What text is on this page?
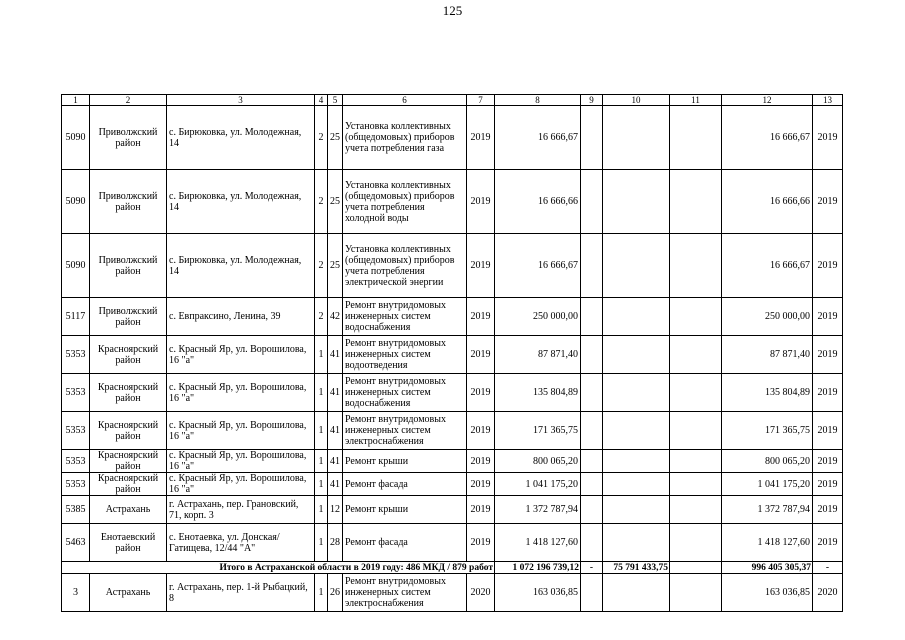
125
1	2	3	4	5	6	7	8	9	10	11	12	13
5090	Приволжский район	с. Бирюковка, ул. Молодежная, 14	2	25	Установка коллективных (общедомовых) приборов учета потребления газа	2019	16 666,67				16 666,67	2019
5090	Приволжский район	с. Бирюковка, ул. Молодежная, 14	2	25	Установка коллективных (общедомовых) приборов учета потребления холодной воды	2019	16 666,66				16 666,66	2019
5090	Приволжский район	с. Бирюковка, ул. Молодежная, 14	2	25	Установка коллективных (общедомовых) приборов учета потребления электрической энергии	2019	16 666,67				16 666,67	2019
5117	Приволжский район	с. Евпраксино, Ленина, 39	2	42	Ремонт внутридомовых инженерных систем водоснабжения	2019	250 000,00				250 000,00	2019
5353	Красноярский район	с. Красный Яр, ул. Ворошилова, 16 "а"	1	41	Ремонт внутридомовых инженерных систем водоотведения	2019	87 871,40				87 871,40	2019
5353	Красноярский район	с. Красный Яр, ул. Ворошилова, 16 "а"	1	41	Ремонт внутридомовых инженерных систем водоснабжения	2019	135 804,89				135 804,89	2019
5353	Красноярский район	с. Красный Яр, ул. Ворошилова, 16 "а"	1	41	Ремонт внутридомовых инженерных систем электроснабжения	2019	171 365,75				171 365,75	2019
5353	Красноярский район	с. Красный Яр, ул. Ворошилова, 16 "а"	1	41	Ремонт крыши	2019	800 065,20				800 065,20	2019
5353	Красноярский район	с. Красный Яр, ул. Ворошилова, 16 "а"	1	41	Ремонт фасада	2019	1 041 175,20				1 041 175,20	2019
5385	Астрахань	г. Астрахань, пер. Грановский, 71, корп. 3	1	12	Ремонт крыши	2019	1 372 787,94				1 372 787,94	2019
5463	Енотаевский район	с. Енотаевка, ул. Донская/Гатищева, 12/44 "А"	1	28	Ремонт фасада	2019	1 418 127,60				1 418 127,60	2019
Итого в Астраханской области в 2019 году: 486 МКД / 879 работ							1 072 196 739,12	-	75 791 433,75		996 405 305,37	-
3	Астрахань	г. Астрахань, пер. 1-й Рыбацкий, 8	1	26	Ремонт внутридомовых инженерных систем электроснабжения	2020	163 036,85				163 036,85	2020
